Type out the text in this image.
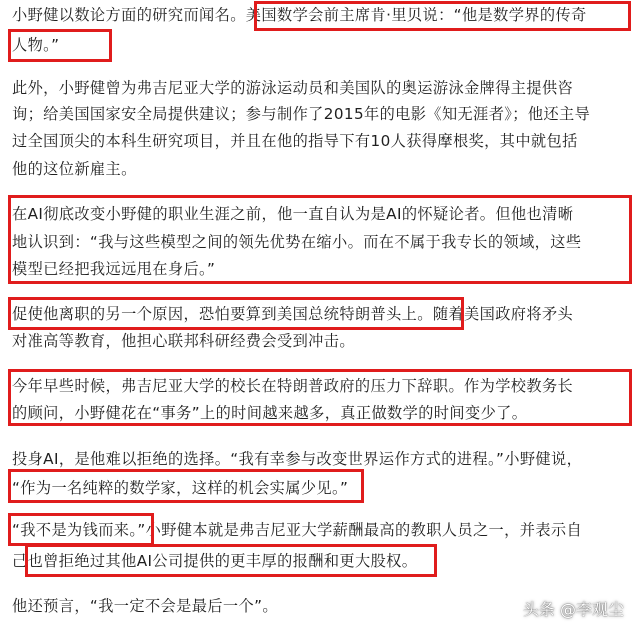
小野健以数论方面的研究而闻名。美国数学会前主席肯·里贝说：“他是数学界的传奇
人物。”
此外，小野健曾为弗吉尼亚大学的游泳运动员和美国队的奥运游泳金牌得主提供咨
询；给美国国家安全局提供建议；参与制作了2015年的电影《知无涯者》；他还主导
过全国顶尖的本科生研究项目，并且在他的指导下有10人获得摩根奖，其中就包括
他的这位新雇主。
在AI彻底改变小野健的职业生涯之前，他一直自认为是AI的怀疑论者。但他也清晰
地认识到：“我与这些模型之间的领先优势在缩小。而在不属于我专长的领域，这些
模型已经把我远远甩在身后。”
促使他离职的另一个原因，恐怕要算到美国总统特朗普头上。随着美国政府将矛头
对准高等教育，他担心联邦科研经费会受到冲击。
今年早些时候，弗吉尼亚大学的校长在特朗普政府的压力下辞职。作为学校教务长
的顾问，小野健花在“事务”上的时间越来越多，真正做数学的时间变少了。
投身AI，是他难以拒绝的选择。“我有幸参与改变世界运作方式的进程。”小野健说，
“作为一名纯粹的数学家，这样的机会实属少见。”
“我不是为钱而来。”小野健本就是弗吉尼亚大学薪酬最高的教职人员之一，并表示自
己也曾拒绝过其他AI公司提供的更丰厚的报酬和更大股权。
他还预言，“我一定不会是最后一个”。	头条 @李观尘
